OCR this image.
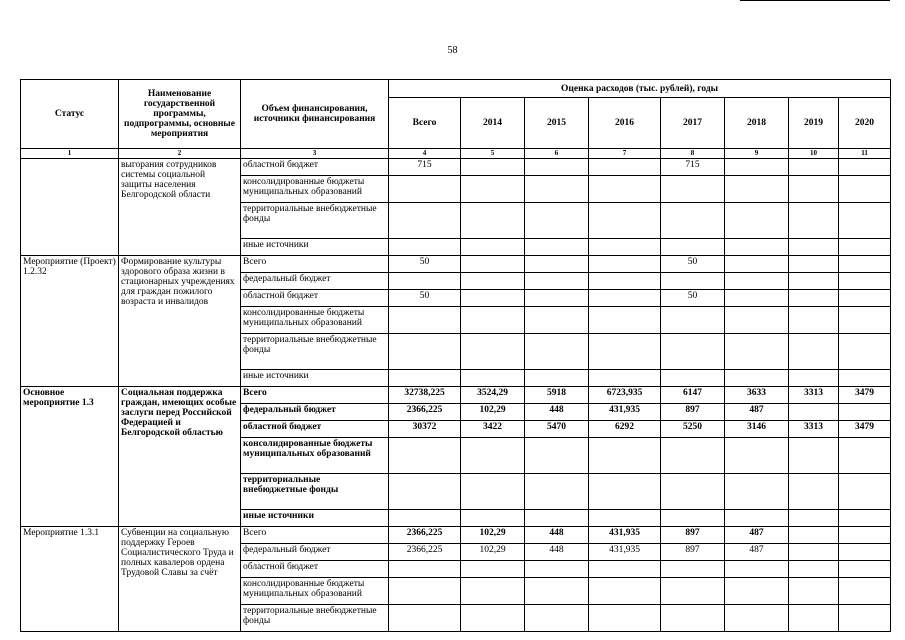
58
Статус	Наименование государственной программы, подпрограммы, основные мероприятия	Объем финансирования, источники финансирования	Оценка расходов (тыс. рублей), годы							
			Всего	2014	2015	2016	2017	2018	2019	2020
1	2	3	4	5	6	7	8	9	10	11
	выгорания сотрудников системы социальной защиты населения Белгородской области	областной бюджет	715				715			
		консолидированные бюджеты муниципальных образований								
		территориальные внебюджетные фонды								
		иные источники								
Мероприятие (Проект) 1.2.32	Формирование культуры здорового образа жизни в стационарных учреждениях для граждан пожилого возраста и инвалидов	Всего	50				50			
		федеральный бюджет								
		областной бюджет	50				50			
		консолидированные бюджеты муниципальных образований								
		территориальные внебюджетные фонды								
		иные источники								
Основное мероприятие 1.3	Социальная поддержка граждан, имеющих особые заслуги перед Российской Федерацией и Белгородской областью	Всего	32738,225	3524,29	5918	6723,935	6147	3633	3313	3479
		федеральный бюджет	2366,225	102,29	448	431,935	897	487		
		областной бюджет	30372	3422	5470	6292	5250	3146	3313	3479
		консолидированные бюджеты муниципальных образований								
		территориальные внебюджетные фонды								
		иные источники								
Мероприятие 1.3.1	Субвенции на социальную поддержку Героев Социалистического Труда и полных кавалеров ордена Трудовой Славы за счёт	Всего	2366,225	102,29	448	431,935	897	487		
		федеральный бюджет	2366,225	102,29	448	431,935	897	487		
		областной бюджет								
		консолидированные бюджеты муниципальных образований								
		территориальные внебюджетные фонды								
